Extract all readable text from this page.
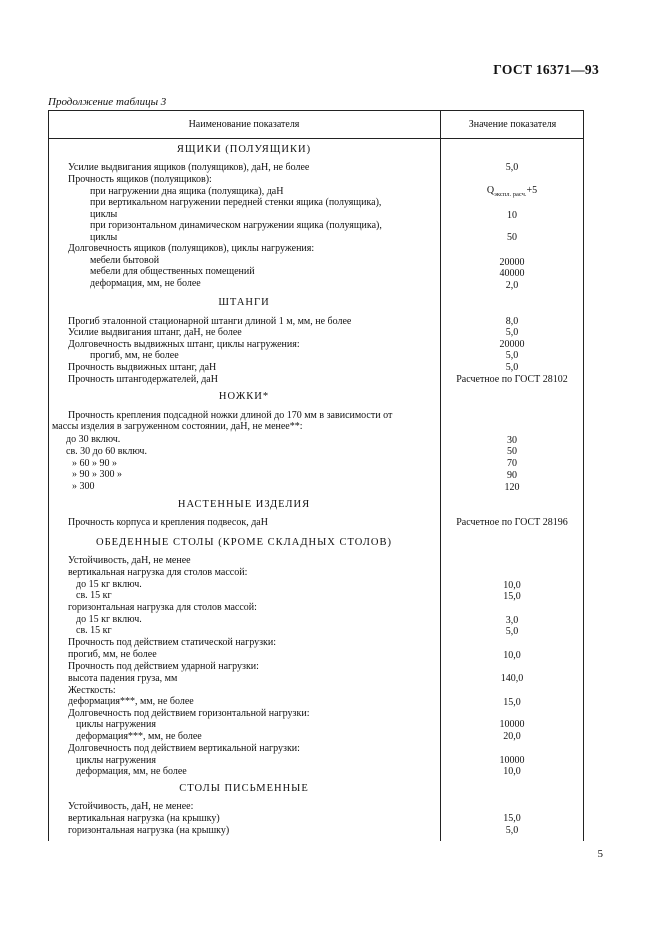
ГОСТ 16371—93
Продолжение таблицы 3
Наименование показателя	Значение показателя
ЯЩИКИ (ПОЛУЯЩИКИ)
ШТАНГИ
НОЖКИ*
НАСТЕННЫЕ ИЗДЕЛИЯ
ОБЕДЕННЫЕ СТОЛЫ (КРОМЕ СКЛАДНЫХ СТОЛОВ)
СТОЛЫ ПИСЬМЕННЫЕ
Усилие выдвигания ящиков (полуящиков), даН, не более	5,0
Прочность ящиков (полуящиков):
при нагружении дна ящика (полуящика), даН	$Q_{экспл. расч.}+5$
при вертикальном нагружении передней стенки ящика (полуящика),
циклы	10
при горизонтальном динамическом нагружении ящика (полуящика),
циклы	50
Долговечность ящиков (полуящиков), циклы нагружения:
мебели бытовой	20000
мебели для общественных помещений	40000
деформация, мм, не более	2,0
Прогиб эталонной стационарной штанги длиной 1 м, мм, не более	8,0
Усилие выдвигания штанг, даН, не более	5,0
Долговечность выдвижных штанг, циклы нагружения:	20000
прогиб, мм, не более	5,0
Прочность выдвижных штанг, даН	5,0
Прочность штангодержателей, даН	Расчетное по ГОСТ 28102
Прочность крепления подсадной ножки длиной до 170 мм в зависимости от
массы изделия в загруженном состоянии, даН, не менее**:
до 30 включ.	30
св. 30 до 60 включ.	50
» 60 » 90 »	70
» 90 » 300 »	90
» 300	120
Прочность корпуса и крепления подвесок, даН	Расчетное по ГОСТ 28196
Устойчивость, даН, не менее
вертикальная нагрузка для столов массой:
до 15 кг включ.	10,0
св. 15 кг	15,0
горизонтальная нагрузка для столов массой:
до 15 кг включ.	3,0
св. 15 кг	5,0
Прочность под действием статической нагрузки:
прогиб, мм, не более	10,0
Прочность под действием ударной нагрузки:
высота падения груза, мм	140,0
Жесткость:
деформация***, мм, не более	15,0
Долговечность под действием горизонтальной нагрузки:
циклы нагружения	10000
деформация***, мм, не более	20,0
Долговечность под действием вертикальной нагрузки:
циклы нагружения	10000
деформация, мм, не более	10,0
Устойчивость, даН, не менее:
вертикальная нагрузка (на крышку)	15,0
горизонтальная нагрузка (на крышку)	5,0
5
